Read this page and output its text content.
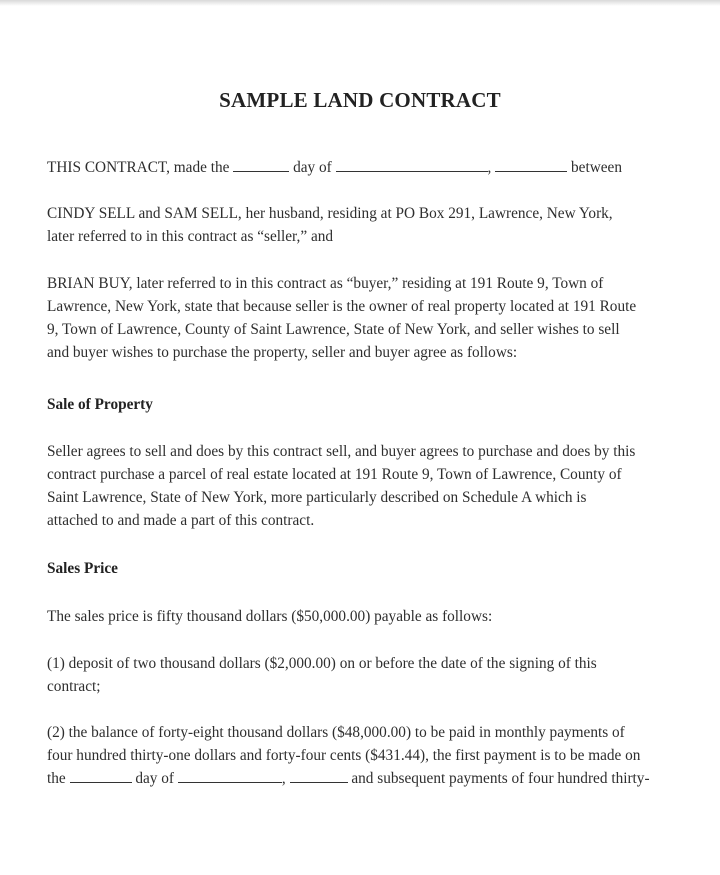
SAMPLE LAND CONTRACT
THIS CONTRACT, made the	day of	,	between
CINDY SELL and SAM SELL, her husband, residing at PO Box 291, Lawrence, New York,
later referred to in this contract as “seller,” and
BRIAN BUY, later referred to in this contract as “buyer,” residing at 191 Route 9, Town of
Lawrence, New York, state that because seller is the owner of real property located at 191 Route
9, Town of Lawrence, County of Saint Lawrence, State of New York, and seller wishes to sell
and buyer wishes to purchase the property, seller and buyer agree as follows:
Sale of Property
Seller agrees to sell and does by this contract sell, and buyer agrees to purchase and does by this
contract purchase a parcel of real estate located at 191 Route 9, Town of Lawrence, County of
Saint Lawrence, State of New York, more particularly described on Schedule A which is
attached to and made a part of this contract.
Sales Price
The sales price is fifty thousand dollars ($50,000.00) payable as follows:
(1) deposit of two thousand dollars ($2,000.00) on or before the date of the signing of this
contract;
(2) the balance of forty-eight thousand dollars ($48,000.00) to be paid in monthly payments of
four hundred thirty-one dollars and forty-four cents ($431.44), the first payment is to be made on
the	day of	,	and subsequent payments of four hundred thirty-
